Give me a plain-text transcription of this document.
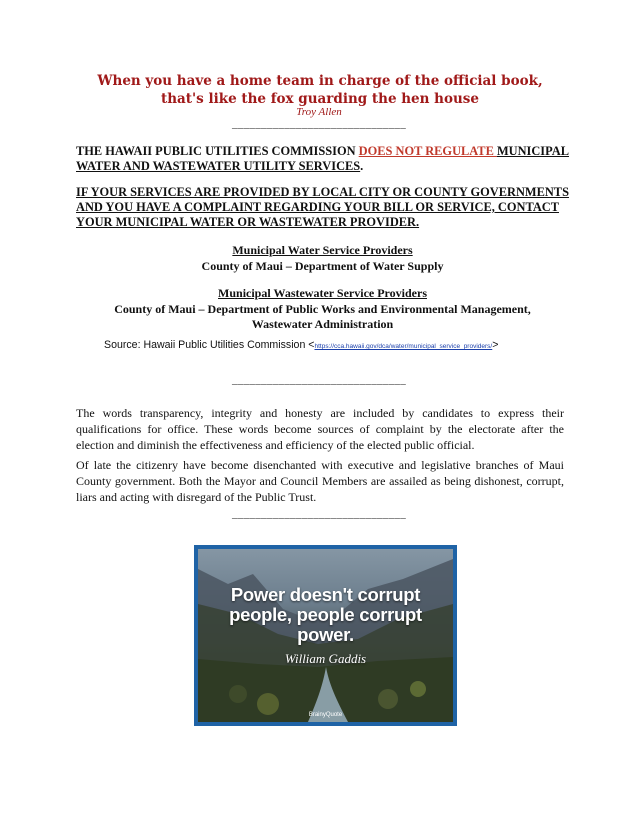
When you have a home team in charge of the official book,
that's like the fox guarding the hen house
Troy Allen
______________________________
THE HAWAII PUBLIC UTILITIES COMMISSION DOES NOT REGULATE MUNICIPAL WATER AND WASTEWATER UTILITY SERVICES.
IF YOUR SERVICES ARE PROVIDED BY LOCAL CITY OR COUNTY GOVERNMENTS AND YOU HAVE A COMPLAINT REGARDING YOUR BILL OR SERVICE, CONTACT YOUR MUNICIPAL WATER OR WASTEWATER PROVIDER.
Municipal Water Service Providers
County of Maui – Department of Water Supply
Municipal Wastewater Service Providers
County of Maui – Department of Public Works and Environmental Management,
Wastewater Administration
Source: Hawaii Public Utilities Commission <https://cca.hawaii.gov/dca/water/municipal_service_providers/>
______________________________
The words transparency, integrity and honesty are included by candidates to express their qualifications for office. These words become sources of complaint by the electorate after the election and diminish the effectiveness and efficiency of the elected public official.
Of late the citizenry have become disenchanted with executive and legislative branches of Maui County government. Both the Mayor and Council Members are assailed as being dishonest, corrupt, liars and acting with disregard of the Public Trust.
______________________________
Power doesn't corrupt
people, people corrupt
power.
William Gaddis
BrainyQuote
